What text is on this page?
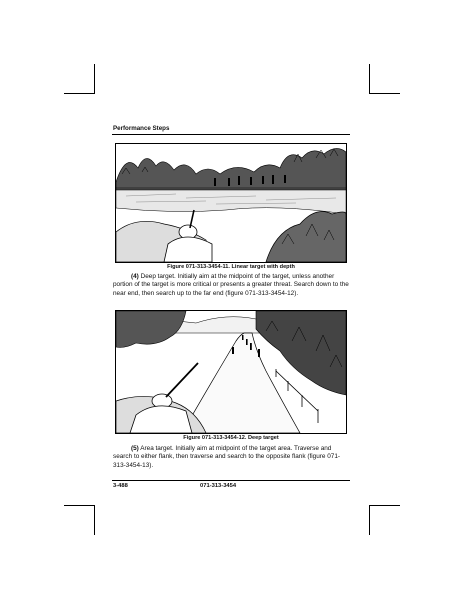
Performance Steps
Figure 071-313-3454-11. Linear target with depth
(4) Deep target. Initially aim at the midpoint of the target, unless another portion of the target is more critical or presents a greater threat. Search down to the near end, then search up to the far end (figure 071-313-3454-12).
Figure 071-313-3454-12. Deep target
(5) Area target. Initially aim at midpoint of the target area. Traverse and search to either flank, then traverse and search to the opposite flank (figure 071-313-3454-13).
3-488	071-313-3454
